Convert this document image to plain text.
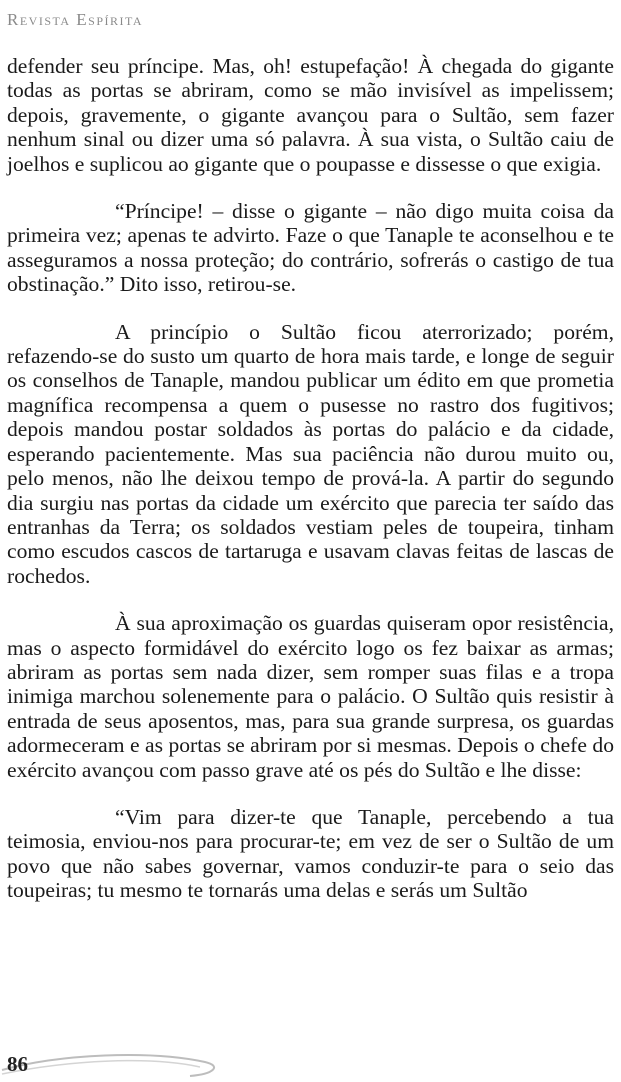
Revista Espírita

defender seu príncipe. Mas, oh! estupefação! À chegada do gigante todas as portas se abriram, como se mão invisível as impelissem; depois, gravemente, o gigante avançou para o Sultão, sem fazer nenhum sinal ou dizer uma só palavra. À sua vista, o Sultão caiu de joelhos e suplicou ao gigante que o poupasse e dissesse o que exigia.

“Príncipe! – disse o gigante – não digo muita coisa da primeira vez; apenas te advirto. Faze o que Tanaple te aconselhou e te asseguramos a nossa proteção; do contrário, sofrerás o castigo de tua obstinação.” Dito isso, retirou-se.

A princípio o Sultão ficou aterrorizado; porém, refazendo-se do susto um quarto de hora mais tarde, e longe de seguir os conselhos de Tanaple, mandou publicar um édito em que prometia magnífica recompensa a quem o pusesse no rastro dos fugitivos; depois mandou postar soldados às portas do palácio e da cidade, esperando pacientemente. Mas sua paciência não durou muito ou, pelo menos, não lhe deixou tempo de prová-la. A partir do segundo dia surgiu nas portas da cidade um exército que parecia ter saído das entranhas da Terra; os soldados vestiam peles de toupeira, tinham como escudos cascos de tartaruga e usavam clavas feitas de lascas de rochedos.

À sua aproximação os guardas quiseram opor resistência, mas o aspecto formidável do exército logo os fez baixar as armas; abriram as portas sem nada dizer, sem romper suas filas e a tropa inimiga marchou solenemente para o palácio. O Sultão quis resistir à entrada de seus aposentos, mas, para sua grande surpresa, os guardas adormeceram e as portas se abriram por si mesmas. Depois o chefe do exército avançou com passo grave até os pés do Sultão e lhe disse:

“Vim para dizer-te que Tanaple, percebendo a tua teimosia, enviou-nos para procurar-te; em vez de ser o Sultão de um povo que não sabes governar, vamos conduzir-te para o seio das toupeiras; tu mesmo te tornarás uma delas e serás um Sultão

86
